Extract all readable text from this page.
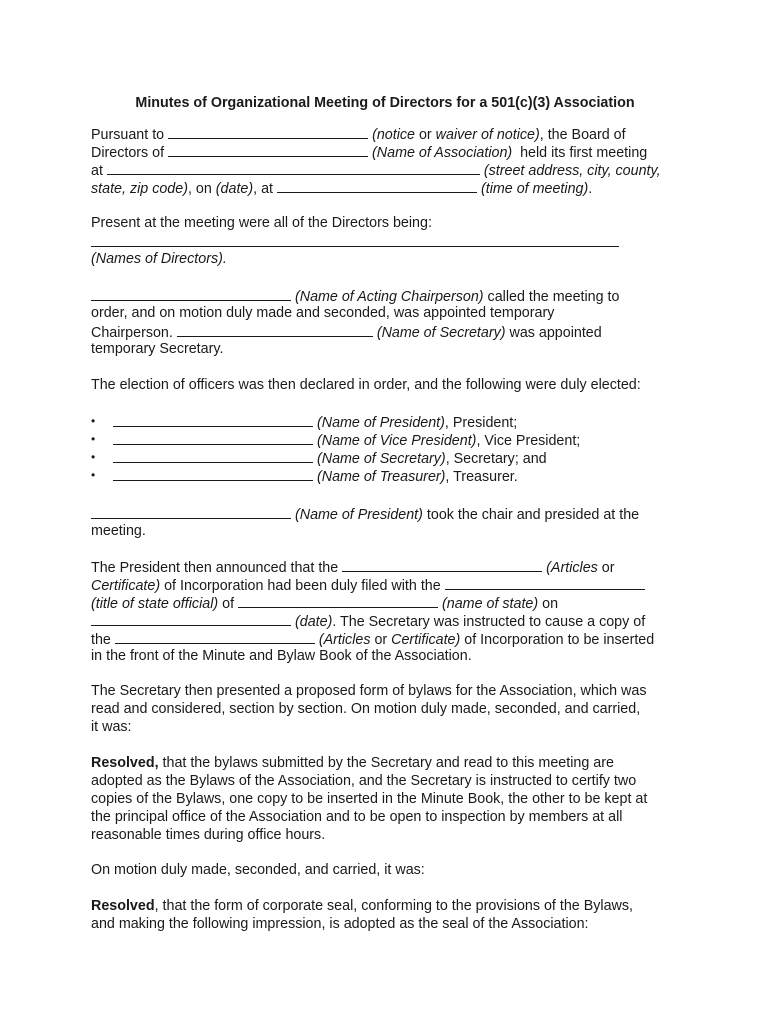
Minutes of Organizational Meeting of Directors for a 501(c)(3) Association
Pursuant to	(notice or waiver of notice), the Board of
Directors of	(Name of Association)  held its first meeting
at	(street address, city, county,
state, zip code), on (date), at	(time of meeting).
Present at the meeting were all of the Directors being:
(Names of Directors).
(Name of Acting Chairperson) called the meeting to
order, and on motion duly made and seconded, was appointed temporary
Chairperson.	(Name of Secretary) was appointed
temporary Secretary.
The election of officers was then declared in order, and the following were duly elected:
•	(Name of President), President;
•	(Name of Vice President), Vice President;
•	(Name of Secretary), Secretary; and
•	(Name of Treasurer), Treasurer.
(Name of President) took the chair and presided at the
meeting.
The President then announced that the	(Articles or
Certificate) of Incorporation had been duly filed with the
(title of state official) of	(name of state) on
(date). The Secretary was instructed to cause a copy of
the	(Articles or Certificate) of Incorporation to be inserted
in the front of the Minute and Bylaw Book of the Association.
The Secretary then presented a proposed form of bylaws for the Association, which was
read and considered, section by section. On motion duly made, seconded, and carried,
it was:
Resolved, that the bylaws submitted by the Secretary and read to this meeting are
adopted as the Bylaws of the Association, and the Secretary is instructed to certify two
copies of the Bylaws, one copy to be inserted in the Minute Book, the other to be kept at
the principal office of the Association and to be open to inspection by members at all
reasonable times during office hours.
On motion duly made, seconded, and carried, it was:
Resolved, that the form of corporate seal, conforming to the provisions of the Bylaws,
and making the following impression, is adopted as the seal of the Association:
